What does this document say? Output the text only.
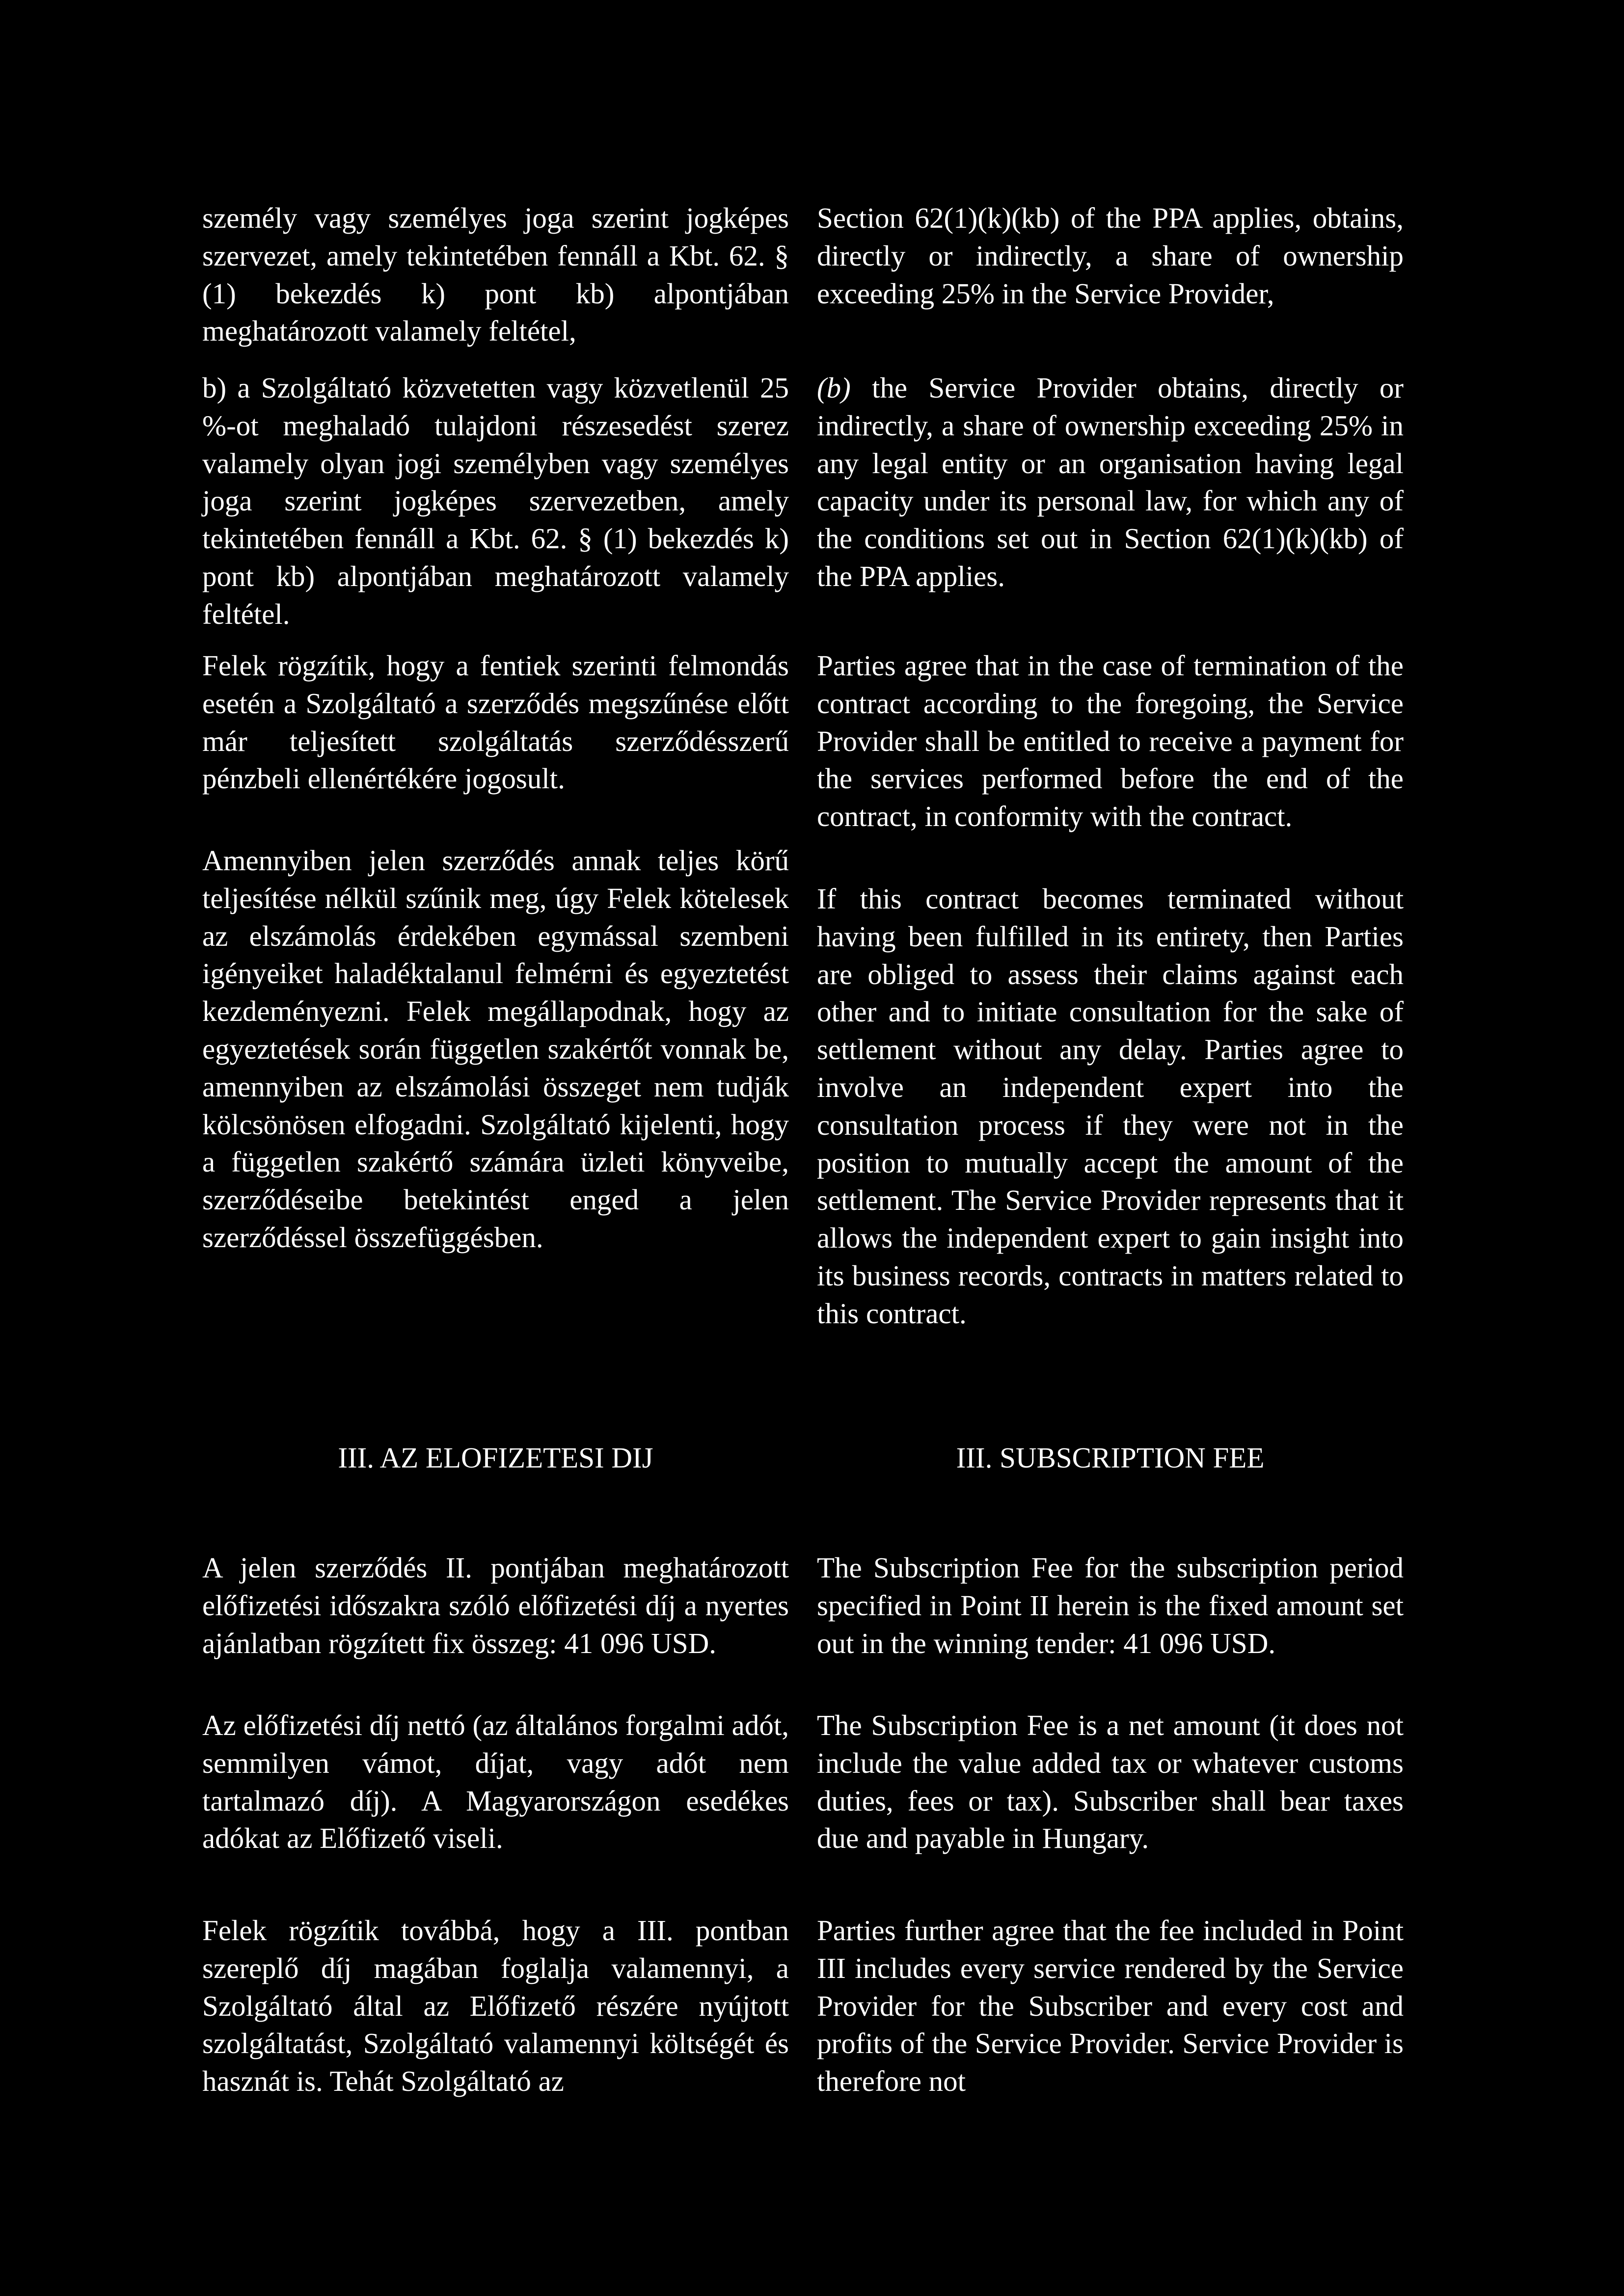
személy vagy személyes joga szerint jogképes szervezet, amely tekintetében fennáll a Kbt. 62. § (1) bekezdés k) pont kb) alpontjában meghatározott valamely feltétel,

b) a Szolgáltató közvetetten vagy közvetlenül 25 %-ot meghaladó tulajdoni részesedést szerez valamely olyan jogi személyben vagy személyes joga szerint jogképes szervezetben, amely tekintetében fennáll a Kbt. 62. § (1) bekezdés k) pont kb) alpontjában meghatározott valamely feltétel.

Felek rögzítik, hogy a fentiek szerinti felmondás esetén a Szolgáltató a szerződés megszűnése előtt már teljesített szolgáltatás szerződésszerű pénzbeli ellenértékére jogosult.

Amennyiben jelen szerződés annak teljes körű teljesítése nélkül szűnik meg, úgy Felek kötelesek az elszámolás érdekében egymással szembeni igényeiket haladéktalanul felmérni és egyeztetést kezdeményezni. Felek megállapodnak, hogy az egyeztetések során független szakértőt vonnak be, amennyiben az elszámolási összeget nem tudják kölcsönösen elfogadni. Szolgáltató kijelenti, hogy a független szakértő számára üzleti könyveibe, szerződéseibe betekintést enged a jelen szerződéssel összefüggésben.

III. AZ ELOFIZETESI DIJ

A jelen szerződés II. pontjában meghatározott előfizetési időszakra szóló előfizetési díj a nyertes ajánlatban rögzített fix összeg: 41 096 USD.

Az előfizetési díj nettó (az általános forgalmi adót, semmilyen vámot, díjat, vagy adót nem tartalmazó díj). A Magyarországon esedékes adókat az Előfizető viseli.

Felek rögzítik továbbá, hogy a III. pontban szereplő díj magában foglalja valamennyi, a Szolgáltató által az Előfizető részére nyújtott szolgáltatást, Szolgáltató valamennyi költségét és hasznát is. Tehát Szolgáltató az

Section 62(1)(k)(kb) of the PPA applies, obtains, directly or indirectly, a share of ownership exceeding 25% in the Service Provider,

(b) the Service Provider obtains, directly or indirectly, a share of ownership exceeding 25% in any legal entity or an organisation having legal capacity under its personal law, for which any of the conditions set out in Section 62(1)(k)(kb) of the PPA applies.

Parties agree that in the case of termination of the contract according to the foregoing, the Service Provider shall be entitled to receive a payment for the services performed before the end of the contract, in conformity with the contract.

If this contract becomes terminated without having been fulfilled in its entirety, then Parties are obliged to assess their claims against each other and to initiate consultation for the sake of settlement without any delay. Parties agree to involve an independent expert into the consultation process if they were not in the position to mutually accept the amount of the settlement. The Service Provider represents that it allows the independent expert to gain insight into its business records, contracts in matters related to this contract.

III. SUBSCRIPTION FEE

The Subscription Fee for the subscription period specified in Point II herein is the fixed amount set out in the winning tender: 41 096 USD.

The Subscription Fee is a net amount (it does not include the value added tax or whatever customs duties, fees or tax). Subscriber shall bear taxes due and payable in Hungary.

Parties further agree that the fee included in Point III includes every service rendered by the Service Provider for the Subscriber and every cost and profits of the Service Provider. Service Provider is therefore not
